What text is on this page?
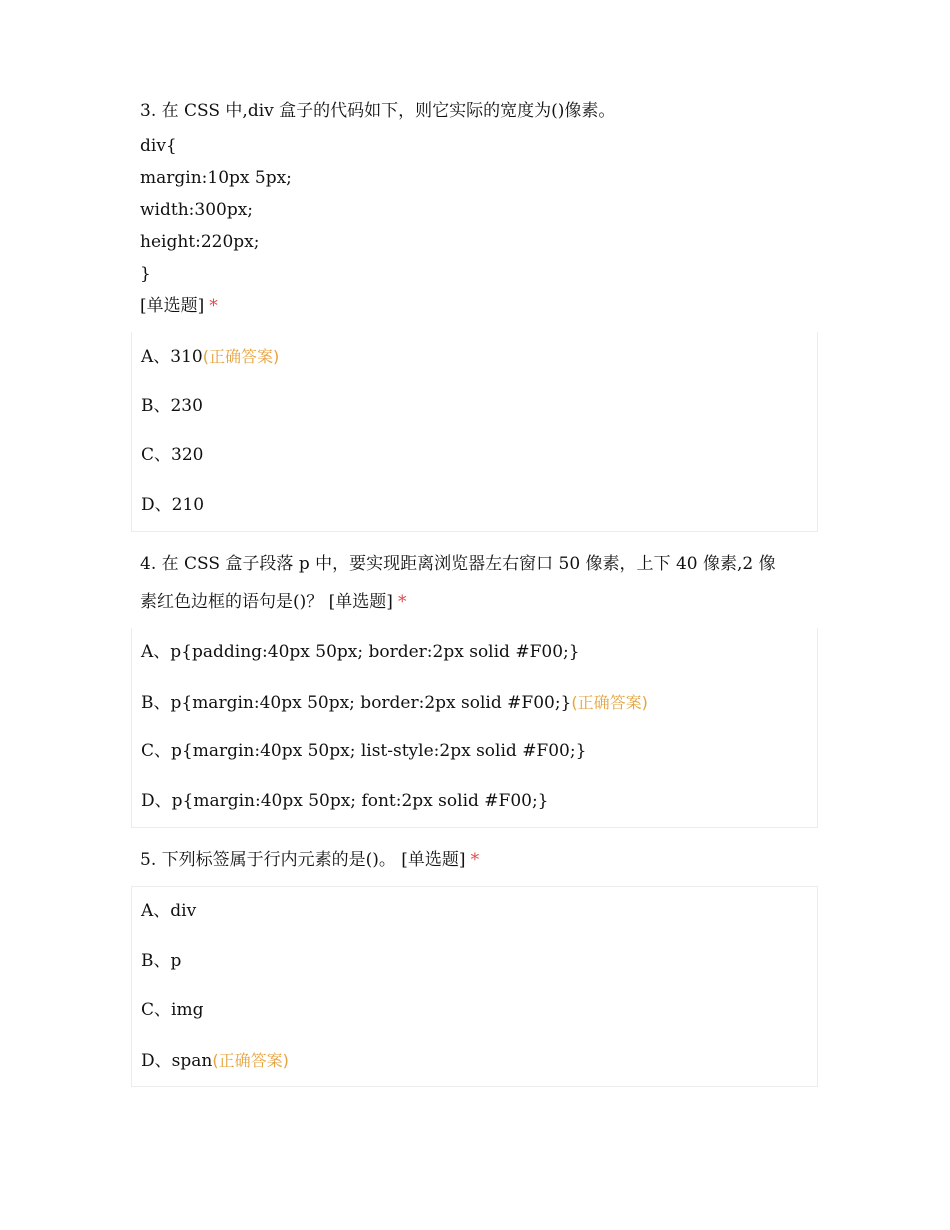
3. 在 CSS 中,div 盒子的代码如下，则它实际的宽度为()像素。
div{
margin:10px 5px;
width:300px;
height:220px;
}
[单选题] *
A、310(正确答案)
B、230
C、320
D、210
4. 在 CSS 盒子段落 p 中，要实现距离浏览器左右窗口 50 像素，上下 40 像素,2 像
素红色边框的语句是()？ [单选题] *
A、p{padding:40px 50px; border:2px solid #F00;}
B、p{margin:40px 50px; border:2px solid #F00;}(正确答案)
C、p{margin:40px 50px; list-style:2px solid #F00;}
D、p{margin:40px 50px; font:2px solid #F00;}
5. 下列标签属于行内元素的是()。 [单选题] *
A、div
B、p
C、img
D、span(正确答案)
